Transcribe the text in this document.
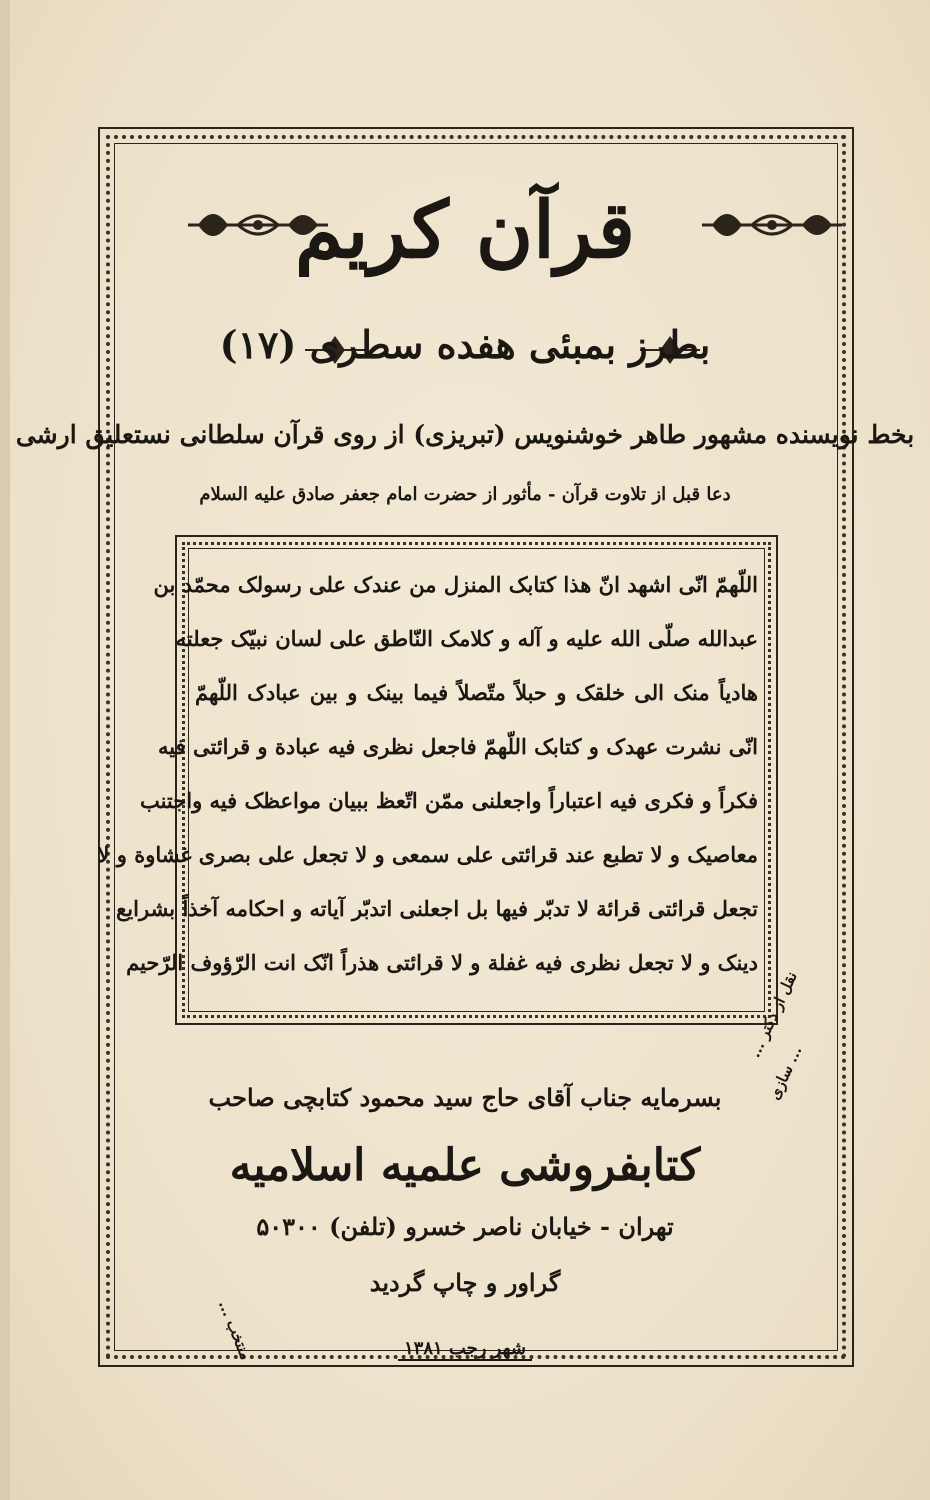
قرآن کریم
بطرز بمبئی هفده سطری (۱۷)
بخط نویسنده مشهور طاهر خوشنویس (تبریزی) از روی قرآن سلطانی نستعلیق ارشی
دعا قبل از تلاوت قرآن - مأثور از حضرت امام جعفر صادق علیه السلام
اللّهمّ انّی اشهد انّ هذا کتابک المنزل من عندک علی رسولک محمّد بن
عبدالله صلّی الله علیه و آله و کلامک النّاطق علی لسان نبیّک جعلته
هادیاً منک الی خلقک و حبلاً متّصلاً فیما بینک و بین عبادک اللّهمّ
انّی نشرت عهدک و کتابک اللّهمّ فاجعل نظری فیه عبادة و قرائتی فیه
فکراً و فکری فیه اعتباراً واجعلنی ممّن اتّعظ ببیان مواعظک فیه واجتنب
معاصیک و لا تطبع عند قرائتی علی سمعی و لا تجعل علی بصری غشاوة و لا
تجعل قرائتی قرائة لا تدبّر فیها بل اجعلنی اتدبّر آیاته و احکامه آخذاً بشرایع
دینک و لا تجعل نظری فیه غفلة و لا قرائتی هذراً انّک انت الرّؤوف الرّحیم
بسرمایه جناب آقای حاج سید محمود کتابچی صاحب
کتابفروشی علمیه اسلامیه
تهران - خیابان ناصر خسرو (تلفن) ۵۰۳۰۰
گراور و چاپ گردید
شهر رجب ۱۳۸۱
منتخب ...
نقل از دکتر ...
... سازی
